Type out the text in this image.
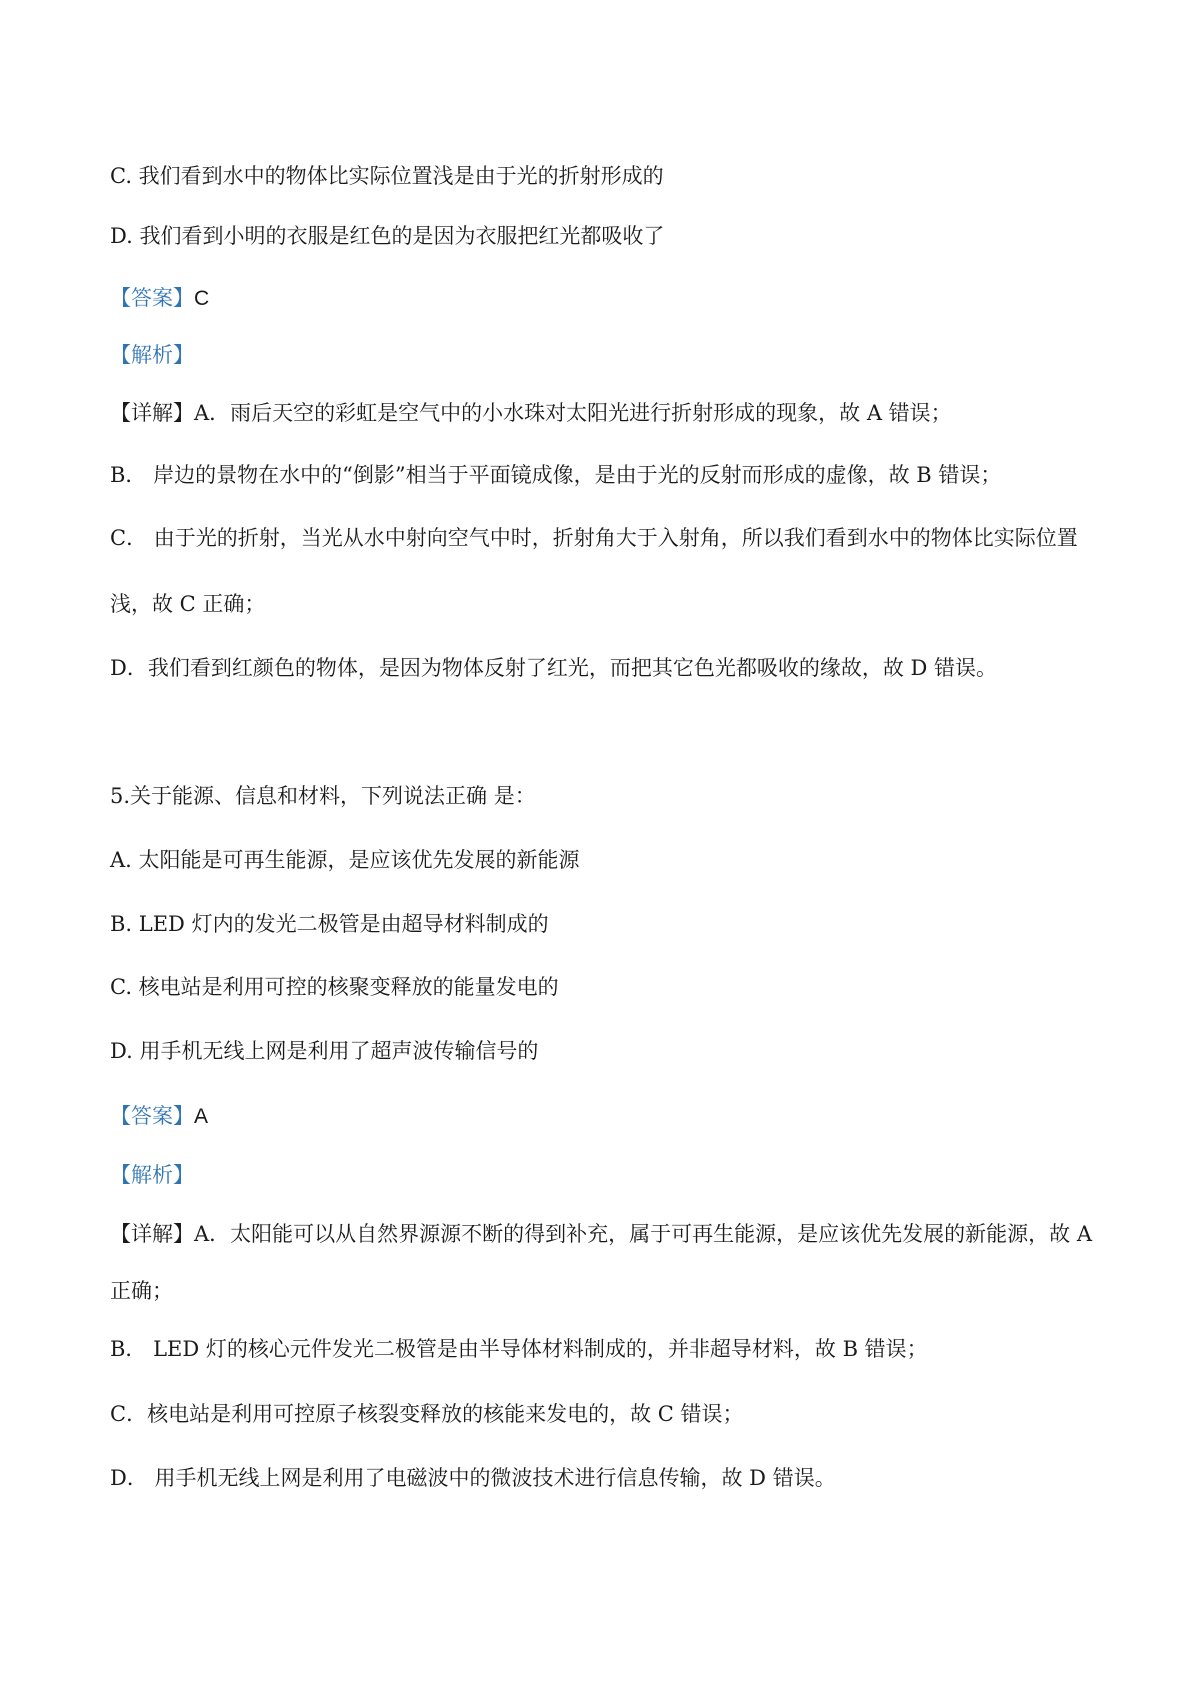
C. 我们看到水中的物体比实际位置浅是由于光的折射形成的
D. 我们看到小明的衣服是红色的是因为衣服把红光都吸收了
【答案】C
【解析】
【详解】A．雨后天空的彩虹是空气中的小水珠对太阳光进行折射形成的现象，故 A 错误；
B． 岸边的景物在水中的“倒影”相当于平面镜成像，是由于光的反射而形成的虚像，故 B 错误；
C． 由于光的折射，当光从水中射向空气中时，折射角大于入射角，所以我们看到水中的物体比实际位置
浅，故 C 正确；
D．我们看到红颜色的物体，是因为物体反射了红光，而把其它色光都吸收的缘故，故 D 错误。
5.关于能源、信息和材料，下列说法正确 是：
A. 太阳能是可再生能源，是应该优先发展的新能源
B. LED 灯内的发光二极管是由超导材料制成的
C. 核电站是利用可控的核聚变释放的能量发电的
D. 用手机无线上网是利用了超声波传输信号的
【答案】A
【解析】
【详解】A．太阳能可以从自然界源源不断的得到补充，属于可再生能源，是应该优先发展的新能源，故 A
正确；
B． LED 灯的核心元件发光二极管是由半导体材料制成的，并非超导材料，故 B 错误；
C．核电站是利用可控原子核裂变释放的核能来发电的，故 C 错误；
D． 用手机无线上网是利用了电磁波中的微波技术进行信息传输，故 D 错误。
